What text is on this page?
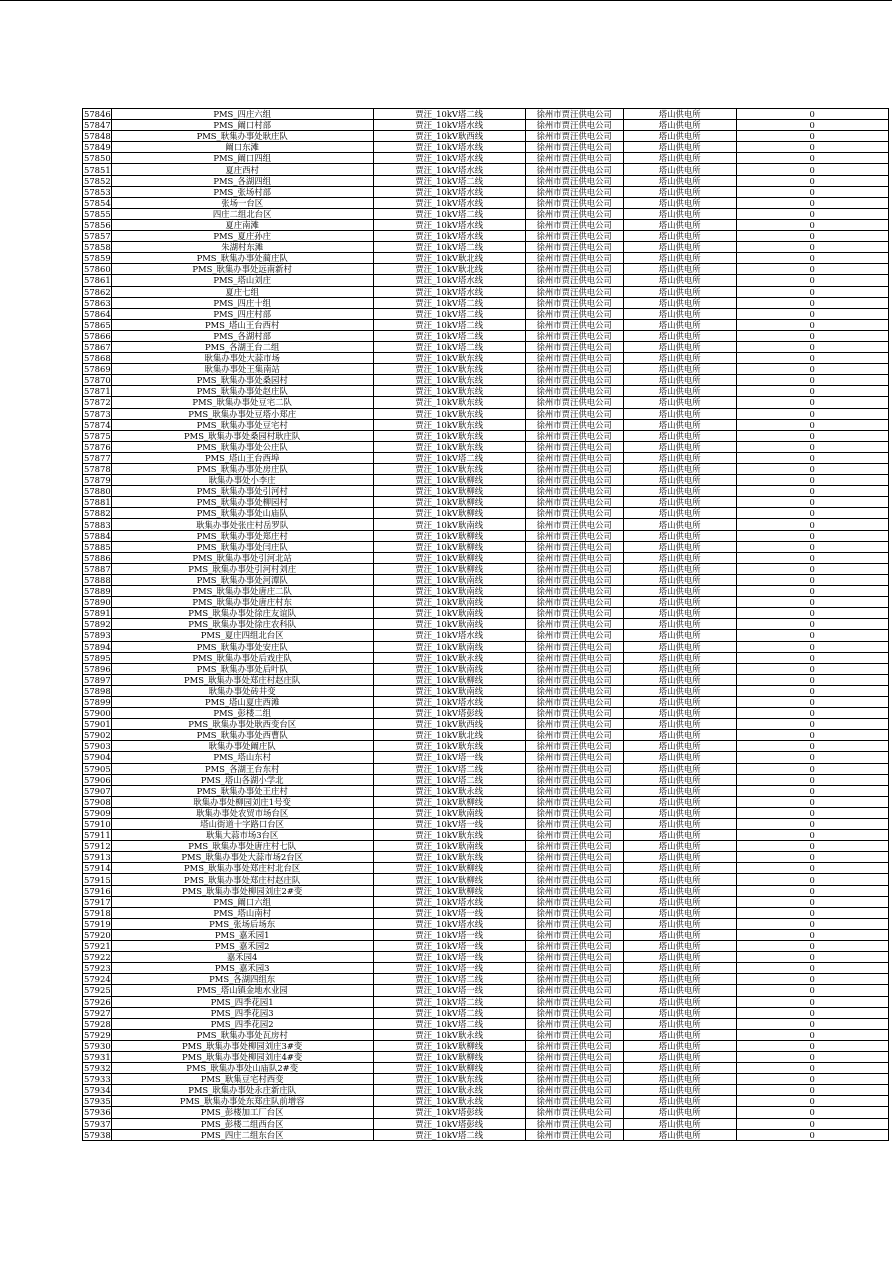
57846	PMS_四庄六组	贾汪_10kV塔二线	徐州市贾汪供电公司	塔山供电所	0
57847	PMS_阚口村部	贾汪_10kV塔水线	徐州市贾汪供电公司	塔山供电所	0
57848	PMS_耿集办事处耿庄队	贾汪_10kV耿西线	徐州市贾汪供电公司	塔山供电所	0
57849	阚口东滩	贾汪_10kV塔水线	徐州市贾汪供电公司	塔山供电所	0
57850	PMS_阚口四组	贾汪_10kV塔水线	徐州市贾汪供电公司	塔山供电所	0
57851	夏庄西村	贾汪_10kV塔水线	徐州市贾汪供电公司	塔山供电所	0
57852	PMS_各湖四组	贾汪_10kV塔二线	徐州市贾汪供电公司	塔山供电所	0
57853	PMS_张场村部	贾汪_10kV塔水线	徐州市贾汪供电公司	塔山供电所	0
57854	张场一台区	贾汪_10kV塔水线	徐州市贾汪供电公司	塔山供电所	0
57855	四庄二组北台区	贾汪_10kV塔二线	徐州市贾汪供电公司	塔山供电所	0
57856	夏庄南滩	贾汪_10kV塔水线	徐州市贾汪供电公司	塔山供电所	0
57857	PMS_夏庄孙庄	贾汪_10kV塔水线	徐州市贾汪供电公司	塔山供电所	0
57858	朱湖村东滩	贾汪_10kV塔二线	徐州市贾汪供电公司	塔山供电所	0
57859	PMS_耿集办事处蔺庄队	贾汪_10kV耿北线	徐州市贾汪供电公司	塔山供电所	0
57860	PMS_耿集办事处远南新村	贾汪_10kV耿北线	徐州市贾汪供电公司	塔山供电所	0
57861	PMS_塔山刘庄	贾汪_10kV塔水线	徐州市贾汪供电公司	塔山供电所	0
57862	夏庄七组	贾汪_10kV塔水线	徐州市贾汪供电公司	塔山供电所	0
57863	PMS_四庄十组	贾汪_10kV塔二线	徐州市贾汪供电公司	塔山供电所	0
57864	PMS_四庄村部	贾汪_10kV塔二线	徐州市贾汪供电公司	塔山供电所	0
57865	PMS_塔山王台西村	贾汪_10kV塔二线	徐州市贾汪供电公司	塔山供电所	0
57866	PMS_各湖村部	贾汪_10kV塔二线	徐州市贾汪供电公司	塔山供电所	0
57867	PMS_各湖王台二组	贾汪_10kV塔二线	徐州市贾汪供电公司	塔山供电所	0
57868	耿集办事处大蒜市场	贾汪_10kV耿东线	徐州市贾汪供电公司	塔山供电所	0
57869	耿集办事处王集南站	贾汪_10kV耿东线	徐州市贾汪供电公司	塔山供电所	0
57870	PMS_耿集办事处桑园村	贾汪_10kV耿东线	徐州市贾汪供电公司	塔山供电所	0
57871	PMS_耿集办事处赵庄队	贾汪_10kV耿东线	徐州市贾汪供电公司	塔山供电所	0
57872	PMS_耿集办事处豆宅二队	贾汪_10kV耿东线	徐州市贾汪供电公司	塔山供电所	0
57873	PMS_耿集办事处豆塔小郑庄	贾汪_10kV耿东线	徐州市贾汪供电公司	塔山供电所	0
57874	PMS_耿集办事处豆宅村	贾汪_10kV耿东线	徐州市贾汪供电公司	塔山供电所	0
57875	PMS_耿集办事处桑园村耿庄队	贾汪_10kV耿东线	徐州市贾汪供电公司	塔山供电所	0
57876	PMS_耿集办事处公庄队	贾汪_10kV耿东线	徐州市贾汪供电公司	塔山供电所	0
57877	PMS_塔山王台西埠	贾汪_10kV塔二线	徐州市贾汪供电公司	塔山供电所	0
57878	PMS_耿集办事处房庄队	贾汪_10kV耿东线	徐州市贾汪供电公司	塔山供电所	0
57879	耿集办事处小李庄	贾汪_10kV耿柳线	徐州市贾汪供电公司	塔山供电所	0
57880	PMS_耿集办事处引河村	贾汪_10kV耿柳线	徐州市贾汪供电公司	塔山供电所	0
57881	PMS_耿集办事处柳园村	贾汪_10kV耿柳线	徐州市贾汪供电公司	塔山供电所	0
57882	PMS_耿集办事处山庙队	贾汪_10kV耿柳线	徐州市贾汪供电公司	塔山供电所	0
57883	耿集办事处张庄村岳罗队	贾汪_10kV耿南线	徐州市贾汪供电公司	塔山供电所	0
57884	PMS_耿集办事处郑庄村	贾汪_10kV耿柳线	徐州市贾汪供电公司	塔山供电所	0
57885	PMS_耿集办事处闫庄队	贾汪_10kV耿柳线	徐州市贾汪供电公司	塔山供电所	0
57886	PMS_耿集办事处引河北站	贾汪_10kV耿柳线	徐州市贾汪供电公司	塔山供电所	0
57887	PMS_耿集办事处引河村刘庄	贾汪_10kV耿柳线	徐州市贾汪供电公司	塔山供电所	0
57888	PMS_耿集办事处河潭队	贾汪_10kV耿南线	徐州市贾汪供电公司	塔山供电所	0
57889	PMS_耿集办事处唐庄二队	贾汪_10kV耿南线	徐州市贾汪供电公司	塔山供电所	0
57890	PMS_耿集办事处唐庄村东	贾汪_10kV耿南线	徐州市贾汪供电公司	塔山供电所	0
57891	PMS_耿集办事处徐庄友谊队	贾汪_10kV耿南线	徐州市贾汪供电公司	塔山供电所	0
57892	PMS_耿集办事处徐庄农科队	贾汪_10kV耿南线	徐州市贾汪供电公司	塔山供电所	0
57893	PMS_夏庄四组北台区	贾汪_10kV塔水线	徐州市贾汪供电公司	塔山供电所	0
57894	PMS_耿集办事处安庄队	贾汪_10kV耿南线	徐州市贾汪供电公司	塔山供电所	0
57895	PMS_耿集办事处后戏庄队	贾汪_10kV耿永线	徐州市贾汪供电公司	塔山供电所	0
57896	PMS_耿集办事处后叶队	贾汪_10kV耿南线	徐州市贾汪供电公司	塔山供电所	0
57897	PMS_耿集办事处郑庄村赵庄队	贾汪_10kV耿柳线	徐州市贾汪供电公司	塔山供电所	0
57898	耿集办事处砖井变	贾汪_10kV耿南线	徐州市贾汪供电公司	塔山供电所	0
57899	PMS_塔山夏庄西滩	贾汪_10kV塔水线	徐州市贾汪供电公司	塔山供电所	0
57900	PMS_彭楼二组	贾汪_10kV塔彭线	徐州市贾汪供电公司	塔山供电所	0
57901	PMS_耿集办事处耿西变台区	贾汪_10kV耿西线	徐州市贾汪供电公司	塔山供电所	0
57902	PMS_耿集办事处西曹队	贾汪_10kV耿北线	徐州市贾汪供电公司	塔山供电所	0
57903	耿集办事处阚庄队	贾汪_10kV耿东线	徐州市贾汪供电公司	塔山供电所	0
57904	PMS_塔山东村	贾汪_10kV塔一线	徐州市贾汪供电公司	塔山供电所	0
57905	PMS_各湖王台东村	贾汪_10kV塔二线	徐州市贾汪供电公司	塔山供电所	0
57906	PMS_塔山各湖小学北	贾汪_10kV塔二线	徐州市贾汪供电公司	塔山供电所	0
57907	PMS_耿集办事处王庄村	贾汪_10kV耿永线	徐州市贾汪供电公司	塔山供电所	0
57908	耿集办事处柳园刘庄1号变	贾汪_10kV耿柳线	徐州市贾汪供电公司	塔山供电所	0
57909	耿集办事处农贸市场台区	贾汪_10kV耿南线	徐州市贾汪供电公司	塔山供电所	0
57910	塔山街道十字路口台区	贾汪_10kV塔一线	徐州市贾汪供电公司	塔山供电所	0
57911	耿集大蒜市场3台区	贾汪_10kV耿东线	徐州市贾汪供电公司	塔山供电所	0
57912	PMS_耿集办事处唐庄村七队	贾汪_10kV耿南线	徐州市贾汪供电公司	塔山供电所	0
57913	PMS_耿集办事处大蒜市场2台区	贾汪_10kV耿东线	徐州市贾汪供电公司	塔山供电所	0
57914	PMS_耿集办事处郑庄村北台区	贾汪_10kV耿柳线	徐州市贾汪供电公司	塔山供电所	0
57915	PMS_耿集办事处郑庄村赵庄队	贾汪_10kV耿柳线	徐州市贾汪供电公司	塔山供电所	0
57916	PMS_耿集办事处柳园刘庄2#变	贾汪_10kV耿柳线	徐州市贾汪供电公司	塔山供电所	0
57917	PMS_阚口六组	贾汪_10kV塔水线	徐州市贾汪供电公司	塔山供电所	0
57918	PMS_塔山南村	贾汪_10kV塔一线	徐州市贾汪供电公司	塔山供电所	0
57919	PMS_张场后场东	贾汪_10kV塔水线	徐州市贾汪供电公司	塔山供电所	0
57920	PMS_嘉禾园1	贾汪_10kV塔一线	徐州市贾汪供电公司	塔山供电所	0
57921	PMS_嘉禾园2	贾汪_10kV塔一线	徐州市贾汪供电公司	塔山供电所	0
57922	嘉禾园4	贾汪_10kV塔一线	徐州市贾汪供电公司	塔山供电所	0
57923	PMS_嘉禾园3	贾汪_10kV塔一线	徐州市贾汪供电公司	塔山供电所	0
57924	PMS_各湖四组东	贾汪_10kV塔二线	徐州市贾汪供电公司	塔山供电所	0
57925	PMS_塔山镇金地水业园	贾汪_10kV塔一线	徐州市贾汪供电公司	塔山供电所	0
57926	PMS_四季花园1	贾汪_10kV塔二线	徐州市贾汪供电公司	塔山供电所	0
57927	PMS_四季花园3	贾汪_10kV塔二线	徐州市贾汪供电公司	塔山供电所	0
57928	PMS_四季花园2	贾汪_10kV塔二线	徐州市贾汪供电公司	塔山供电所	0
57929	PMS_耿集办事处瓦房村	贾汪_10kV耿永线	徐州市贾汪供电公司	塔山供电所	0
57930	PMS_耿集办事处柳园刘庄3#变	贾汪_10kV耿柳线	徐州市贾汪供电公司	塔山供电所	0
57931	PMS_耿集办事处柳园刘庄4#变	贾汪_10kV耿柳线	徐州市贾汪供电公司	塔山供电所	0
57932	PMS_耿集办事处山庙队2#变	贾汪_10kV耿柳线	徐州市贾汪供电公司	塔山供电所	0
57933	PMS_耿集豆宅村西变	贾汪_10kV耿东线	徐州市贾汪供电公司	塔山供电所	0
57934	PMS_耿集办事处永庄新庄队	贾汪_10kV耿永线	徐州市贾汪供电公司	塔山供电所	0
57935	PMS_耿集办事处东郑庄队前增容	贾汪_10kV耿永线	徐州市贾汪供电公司	塔山供电所	0
57936	PMS_彭楼加工厂台区	贾汪_10kV塔彭线	徐州市贾汪供电公司	塔山供电所	0
57937	PMS_彭楼二组西台区	贾汪_10kV塔彭线	徐州市贾汪供电公司	塔山供电所	0
57938	PMS_四庄二组东台区	贾汪_10kV塔二线	徐州市贾汪供电公司	塔山供电所	0
